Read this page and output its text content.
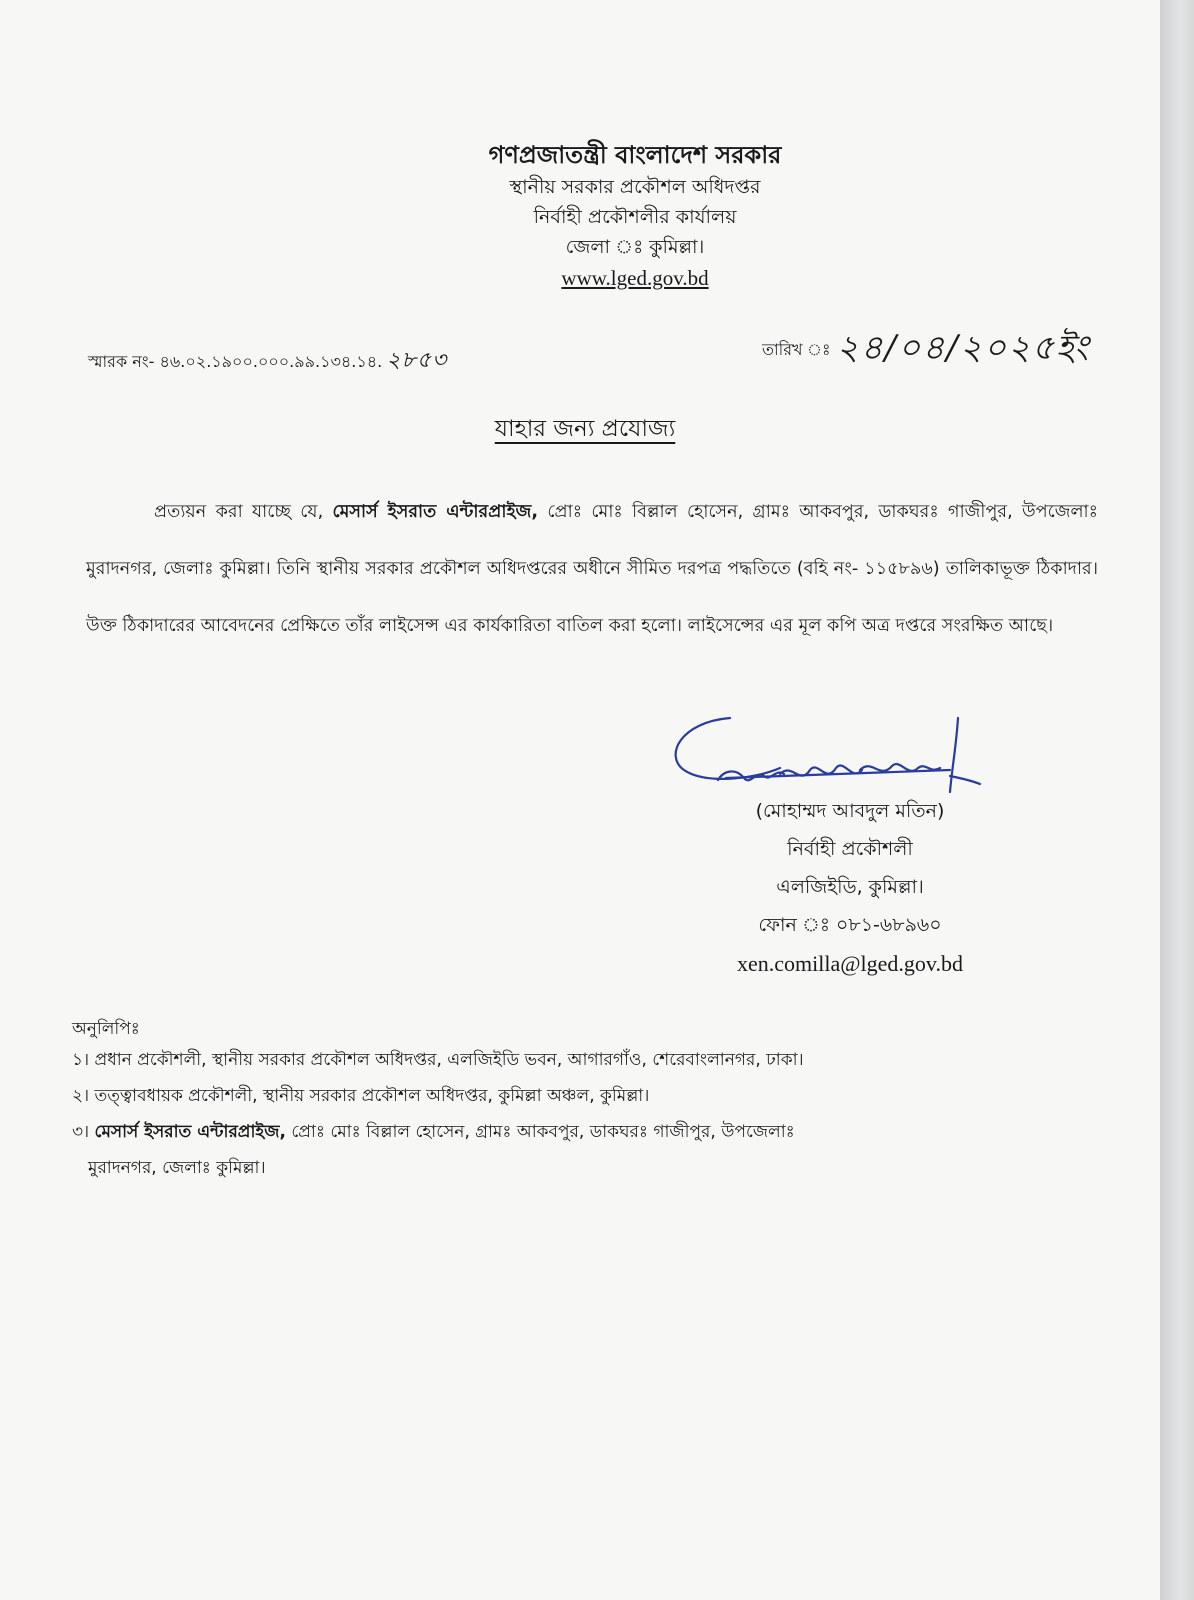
গণপ্রজাতন্ত্রী বাংলাদেশ সরকার
স্থানীয় সরকার প্রকৌশল অধিদপ্তর
নির্বাহী প্রকৌশলীর কার্যালয়
জেলা ঃ কুমিল্লা।
www.lged.gov.bd
স্মারক নং- ৪৬.০২.১৯০০.০০০.৯৯.১৩৪.১৪. ২৮৫৩	তারিখ ঃ ২৪/০৪/২০২৫ইং
যাহার জন্য প্রযোজ্য
প্রত্যয়ন করা যাচ্ছে যে, মেসার্স ইসরাত এন্টারপ্রাইজ, প্রোঃ মোঃ বিল্লাল হোসেন, গ্রামঃ আকবপুর, ডাকঘরঃ গাজীপুর, উপজেলাঃ মুরাদনগর, জেলাঃ কুমিল্লা। তিনি স্থানীয় সরকার প্রকৌশল অধিদপ্তরের অধীনে সীমিত দরপত্র পদ্ধতিতে (বহি নং- ১১৫৮৯৬) তালিকাভূক্ত ঠিকাদার। উক্ত ঠিকাদারের আবেদনের প্রেক্ষিতে তাঁর লাইসেন্স এর কার্যকারিতা বাতিল করা হলো। লাইসেন্সের এর মূল কপি অত্র দপ্তরে সংরক্ষিত আছে।
(মোহাম্মদ আবদুল মতিন)
নির্বাহী প্রকৌশলী
এলজিইডি, কুমিল্লা।
ফোন ঃ ০৮১-৬৮৯৬০
xen.comilla@lged.gov.bd
অনুলিপিঃ
১। প্রধান প্রকৌশলী, স্থানীয় সরকার প্রকৌশল অধিদপ্তর, এলজিইডি ভবন, আগারগাঁও, শেরেবাংলানগর, ঢাকা।
২। তত্ত্বাবধায়ক প্রকৌশলী, স্থানীয় সরকার প্রকৌশল অধিদপ্তর, কুমিল্লা অঞ্চল, কুমিল্লা।
৩। মেসার্স ইসরাত এন্টারপ্রাইজ, প্রোঃ মোঃ বিল্লাল হোসেন, গ্রামঃ আকবপুর, ডাকঘরঃ গাজীপুর, উপজেলাঃ
মুরাদনগর, জেলাঃ কুমিল্লা।
